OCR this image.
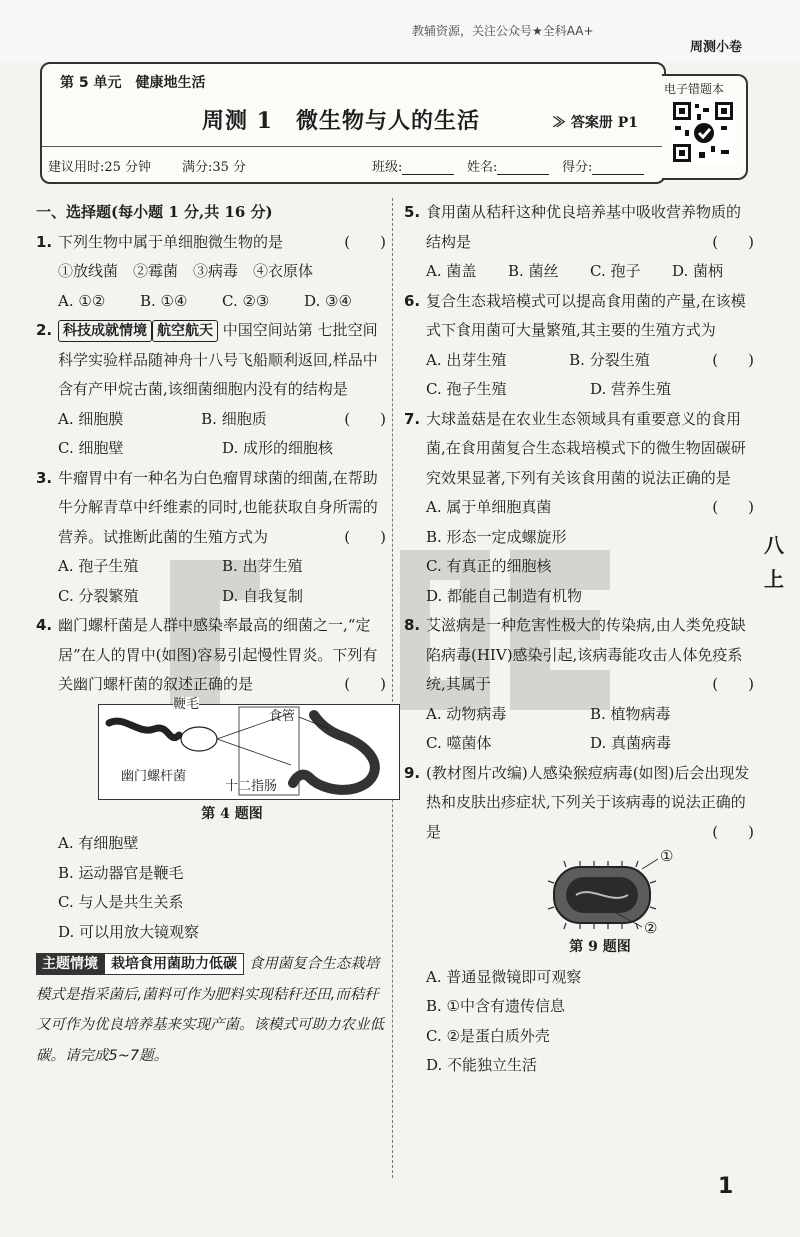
教辅资源，关注公众号★全科AA+
周测小卷
第 5 单元　健康地生活
周测 1　微生物与人的生活	≫ 答案册 P1
建议用时:25 分钟 满分:35 分	班级:	姓名:	得分:
电子错题本
一、选择题(每小题 1 分,共 16 分)
1. 下列生物中属于单细胞微生物的是	(　　)
①放线菌　②霉菌　③病毒　④衣原体
A. ①②	B. ①④	C. ②③	D. ③④
2. 科技成就情境 航空航天 中国空间站第 七批空间科学实验样品随神舟十八号飞船顺利返回,样品中含有产甲烷古菌,该细菌细胞内没有的结构是
(　　)
A. 细胞膜	B. 细胞质
C. 细胞壁	D. 成形的细胞核
3. 牛瘤胃中有一种名为白色瘤胃球菌的细菌,在帮助牛分解青草中纤维素的同时,也能获取自身所需的营养。试推断此菌的生殖方式为	(　　)
A. 孢子生殖	B. 出芽生殖
C. 分裂繁殖	D. 自我复制
4. 幽门螺杆菌是人群中感染率最高的细菌之一,“定居”在人的胃中(如图)容易引起慢性胃炎。下列有关幽门螺杆菌的叙述正确的是	(　　)
鞭毛
食管
幽门螺杆菌
十二指肠
第 4 题图
A. 有细胞壁
B. 运动器官是鞭毛
C. 与人是共生关系
D. 可以用放大镜观察
主题情境 栽培食用菌助力低碳 食用菌复合生态栽培模式是指采菌后,菌料可作为肥料实现秸秆还田,而秸秆又可作为优良培养基来实现产菌。该模式可助力农业低碳。请完成5~7题。
5. 食用菌从秸秆这种优良培养基中吸收营养物质的结构是	(　　)
A. 菌盖	B. 菌丝	C. 孢子	D. 菌柄
6. 复合生态栽培模式可以提高食用菌的产量,在该模式下食用菌可大量繁殖,其主要的生殖方式为
(　　)
A. 出芽生殖	B. 分裂生殖
C. 孢子生殖	D. 营养生殖
7. 大球盖菇是在农业生态领域具有重要意义的食用菌,在食用菌复合生态栽培模式下的微生物固碳研究效果显著,下列有关该食用菌的说法正确的是
(　　)
A. 属于单细胞真菌
B. 形态一定成螺旋形
C. 有真正的细胞核
D. 都能自己制造有机物
8. 艾滋病是一种危害性极大的传染病,由人类免疫缺陷病毒(HIV)感染引起,该病毒能攻击人体免疫系统,其属于	(　　)
A. 动物病毒	B. 植物病毒
C. 噬菌体	D. 真菌病毒
9. (教材图片改编)人感染猴痘病毒(如图)后会出现发热和皮肤出疹症状,下列关于该病毒的说法正确的是	(　　)
①
②
第 9 题图
A. 普通显微镜即可观察
B. ①中含有遗传信息
C. ②是蛋白质外壳
D. 不能独立生活
八
上
1
